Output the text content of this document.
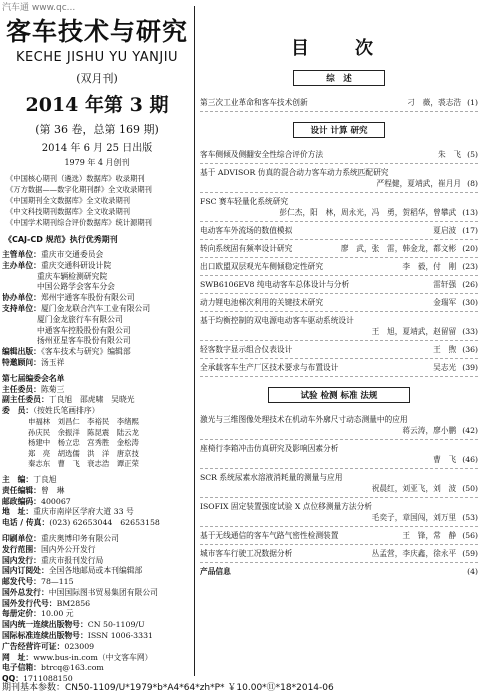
汽车通 www.qc...
客车技术与研究
KECHE JISHU YU YANJIU
(双月刊)
2014 年第 3 期
(第 36 卷，总第 169 期)
2014 年 6 月 25 日出版
1979 年 4 月创刊
《中国核心期刊（遴选）数据库》收录期刊
《万方数据——数字化期刊群》全文收录期刊
《中国期刊全文数据库》全文收录期刊
《中文科技期刊数据库》全文收录期刊
《中国学术期刊综合评价数据库》统计源期刊
《CAJ-CD 规范》执行优秀期刊
主管单位：重庆市交通委员会
主办单位：重庆交通科研设计院
重庆车辆检测研究院
中国公路学会客车分会
协办单位：郑州宇通客车股份有限公司
支持单位：厦门金龙联合汽车工业有限公司
厦门金龙旅行车有限公司
中通客车控股股份有限公司
扬州亚星客车股份有限公司
编辑出版：《客车技术与研究》编辑部
特邀顾问：汤玉祥
第七届编委会名单
主任委员：陈菊三
副主任委员：丁良旭　邵虎啸　吴晓光
委　员：（按姓氏笔画排序）
申福林　刘昌仁　李裕民　李绪熙
孙庆民　余振洋　陈昆震　陆云龙
杨建中　杨立忠　宫秀胜　金松涛
郑　亮　胡选儒　洪　洋　唐京技
秦志东　曹　飞　衰志浩　谭正荣
主　编：丁良旭
责任编辑：曾　琳
邮政编码：400067
地　址：重庆市南岸区学府大道 33 号
电话 / 传真：(023) 62653044　62653158
印刷单位：重庆奥博印务有限公司
发行范围：国内外公开发行
国内发行：重庆市报刊发行局
国内订阅处：全国各地邮局或本刊编辑部
邮发代号：78—115
国外总发行：中国国际图书贸易集团有限公司
国外发行代号：BM2856
每册定价：10.00 元
国内统一连续出版物号：CN 50-1109/U
国际标准连续出版物号：ISSN 1006-3331
广告经营许可证：023009
网　址：www.bus-in.com（中文客车网）
电子信箱：btrcq@163.com
QQ：1711088150
目　次
综　述
第三次工业革命和客车技术创新	刁　薇，裘志浩 (1)
设计 计算 研究
客车侧倾及侧翻安全性综合评价方法	朱　飞 (5)
基于 ADVISOR 仿真的混合动力客车动力系统匹配研究
严程健，夏靖武，崔月月 (8)
FSC 赛车轻量化系统研究
彭仁杰，阳　林，周永光，冯　勇，贺稻华，曾攀武 (13)
电动客车外流场的数值模拟	夏启波 (17)
转向系统固有频率设计研究	廖　武，张　雷，韩金龙，都文彬 (20)
出口欧盟双层观光车侧倾稳定性研究	李　毅，付　刚 (23)
SWB6106EV8 纯电动客车总体设计与分析	雷轩强 (26)
动力锂电池梯次利用的关键技术研究	金瑞军 (30)
基于均衡控制的双电源电动客车驱动系统设计
王　旭，夏靖武，赵留留 (33)
轻客数字显示组合仪表设计	王　煦 (36)
全承载客车生产厂区技术要求与布置设计	吴志光 (39)
试验 检测 标准 法规
激光与三维图像处理技术在机动车外廓尺寸动态测量中的应用
蒋云涛，廖小鹏 (42)
座椅行李箱冲击仿真研究及影响因素分析
曹　飞 (46)
SCR 系统尿素水溶液消耗量的测量与应用
祝晨红，刘亚飞，刘　波 (50)
ISOFIX 固定装置强度试验 X 点位移测量方法分析
毛奕子，章国闯，刘万里 (53)
基于无线通信的客车气路气密性检测装置	王　锋，常　静 (56)
城市客车行驶工况数据分析	丛孟营，李庆鑫，徐永平 (59)
产品信息	(4)
期刊基本参数：CN50-1109/U*1979*b*A4*64*zh*P* ￥10.00*⑪*18*2014-06
